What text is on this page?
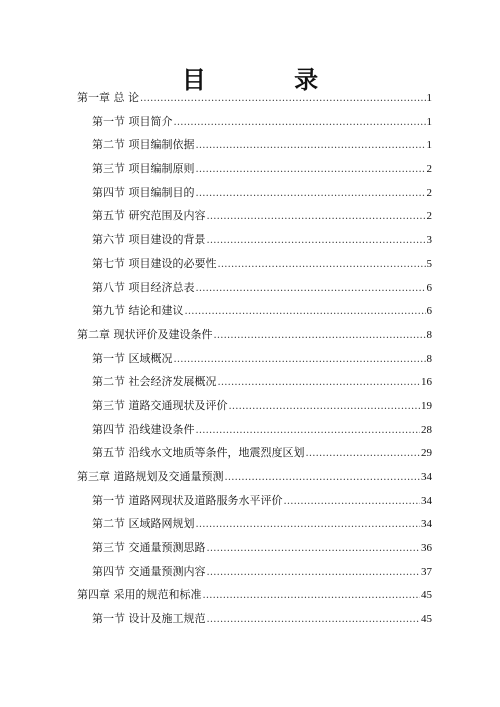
目 录
第一章 总 论 .....	1
第一节 项目简介 .....	1
第二节 项目编制依据 .....	1
第三节 项目编制原则 .....	2
第四节 项目编制目的 .....	2
第五节 研究范围及内容 .....	2
第六节 项目建设的背景 .....	3
第七节 项目建设的必要性 .....	5
第八节 项目经济总表 .....	6
第九节 结论和建议 .....	6
第二章 现状评价及建设条件 .....	8
第一节 区域概况 .....	8
第二节 社会经济发展概况 .....	16
第三节 道路交通现状及评价 .....	19
第四节 沿线建设条件 .....	28
第五节 沿线水文地质等条件，地震烈度区划 .....	29
第三章 道路规划及交通量预测 .....	34
第一节 道路网现状及道路服务水平评价 .....	34
第二节 区域路网规划 .....	34
第三节 交通量预测思路 .....	36
第四节 交通量预测内容 .....	37
第四章 采用的规范和标准 .....	45
第一节 设计及施工规范 .....	45
